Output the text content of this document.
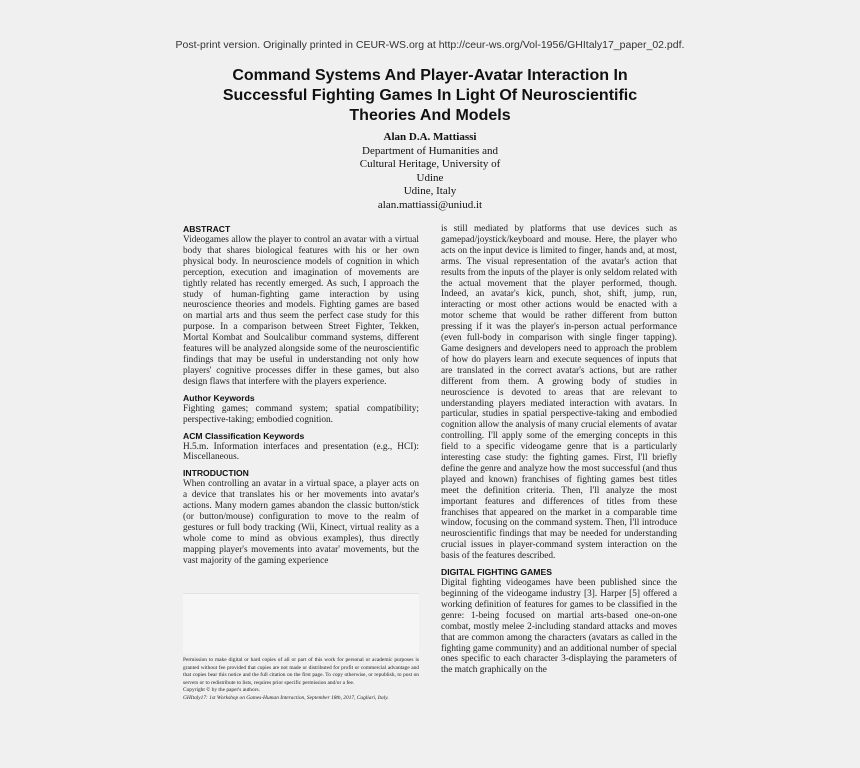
Post-print version. Originally printed in CEUR-WS.org at http://ceur-ws.org/Vol-1956/GHItaly17_paper_02.pdf.
Command Systems And Player-Avatar Interaction In
Successful Fighting Games In Light Of Neuroscientific
Theories And Models
Alan D.A. Mattiassi
Department of Humanities and
Cultural Heritage, University of
Udine
Udine, Italy
alan.mattiassi@uniud.it

ABSTRACT

Videogames allow the player to control an avatar with a virtual body that shares biological features with his or her own physical body. In neuroscience models of cognition in which perception, execution and imagination of movements are tightly related has recently emerged. As such, I approach the study of human-fighting game interaction by using neuroscience theories and models. Fighting games are based on martial arts and thus seem the perfect case study for this purpose. In a comparison between Street Fighter, Tekken, Mortal Kombat and Soulcalibur command systems, different features will be analyzed alongside some of the neuroscientific findings that may be useful in understanding not only how players' cognitive processes differ in these games, but also design flaws that interfere with the players experience.

Author Keywords

Fighting games; command system; spatial compatibility; perspective-taking; embodied cognition.

ACM Classification Keywords

H.5.m. Information interfaces and presentation (e.g., HCI): Miscellaneous.

INTRODUCTION

When controlling an avatar in a virtual space, a player acts on a device that translates his or her movements into avatar's actions. Many modern games abandon the classic button/stick (or button/mouse) configuration to move to the realm of gestures or full body tracking (Wii, Kinect, virtual reality as a whole come to mind as obvious examples), thus directly mapping player's movements into avatar' movements, but the vast majority of the gaming experience

Permission to make digital or hard copies of all or part of this work for personal or academic purposes is granted without fee provided that copies are not made or distributed for profit or commercial advantage and that copies bear this notice and the full citation on the first page. To copy otherwise, or republish, to post on servers or to redistribute to lists, requires prior specific permission and/or a fee.

Copyright © by the paper's authors.

GHItaly17: 1st Workshop on Games-Human Interaction, September 18th, 2017, Cagliari, Italy.

is still mediated by platforms that use devices such as gamepad/joystick/keyboard and mouse. Here, the player who acts on the input device is limited to finger, hands and, at most, arms. The visual representation of the avatar's action that results from the inputs of the player is only seldom related with the actual movement that the player performed, though. Indeed, an avatar's kick, punch, shot, shift, jump, run, interacting or most other actions would be enacted with a motor scheme that would be rather different from button pressing if it was the player's in-person actual performance (even full-body in comparison with single finger tapping). Game designers and developers need to approach the problem of how do players learn and execute sequences of inputs that are translated in the correct avatar's actions, but are rather different from them. A growing body of studies in neuroscience is devoted to areas that are relevant to understanding players mediated interaction with avatars. In particular, studies in spatial perspective-taking and embodied cognition allow the analysis of many crucial elements of avatar controlling. I'll apply some of the emerging concepts in this field to a specific videogame genre that is a particularly interesting case study: the fighting games. First, I'll briefly define the genre and analyze how the most successful (and thus played and known) franchises of fighting games best titles meet the definition criteria. Then, I'll analyze the most important features and differences of titles from these franchises that appeared on the market in a comparable time window, focusing on the command system. Then, I'll introduce neuroscientific findings that may be needed for understanding crucial issues in player-command system interaction on the basis of the features described.

DIGITAL FIGHTING GAMES

Digital fighting videogames have been published since the beginning of the videogame industry [3]. Harper [5] offered a working definition of features for games to be classified in the genre: 1-being focused on martial arts-based one-on-one combat, mostly melee 2-including standard attacks and moves that are common among the characters (avatars as called in the fighting game community) and an additional number of special ones specific to each character 3-displaying the parameters of the match graphically on the
